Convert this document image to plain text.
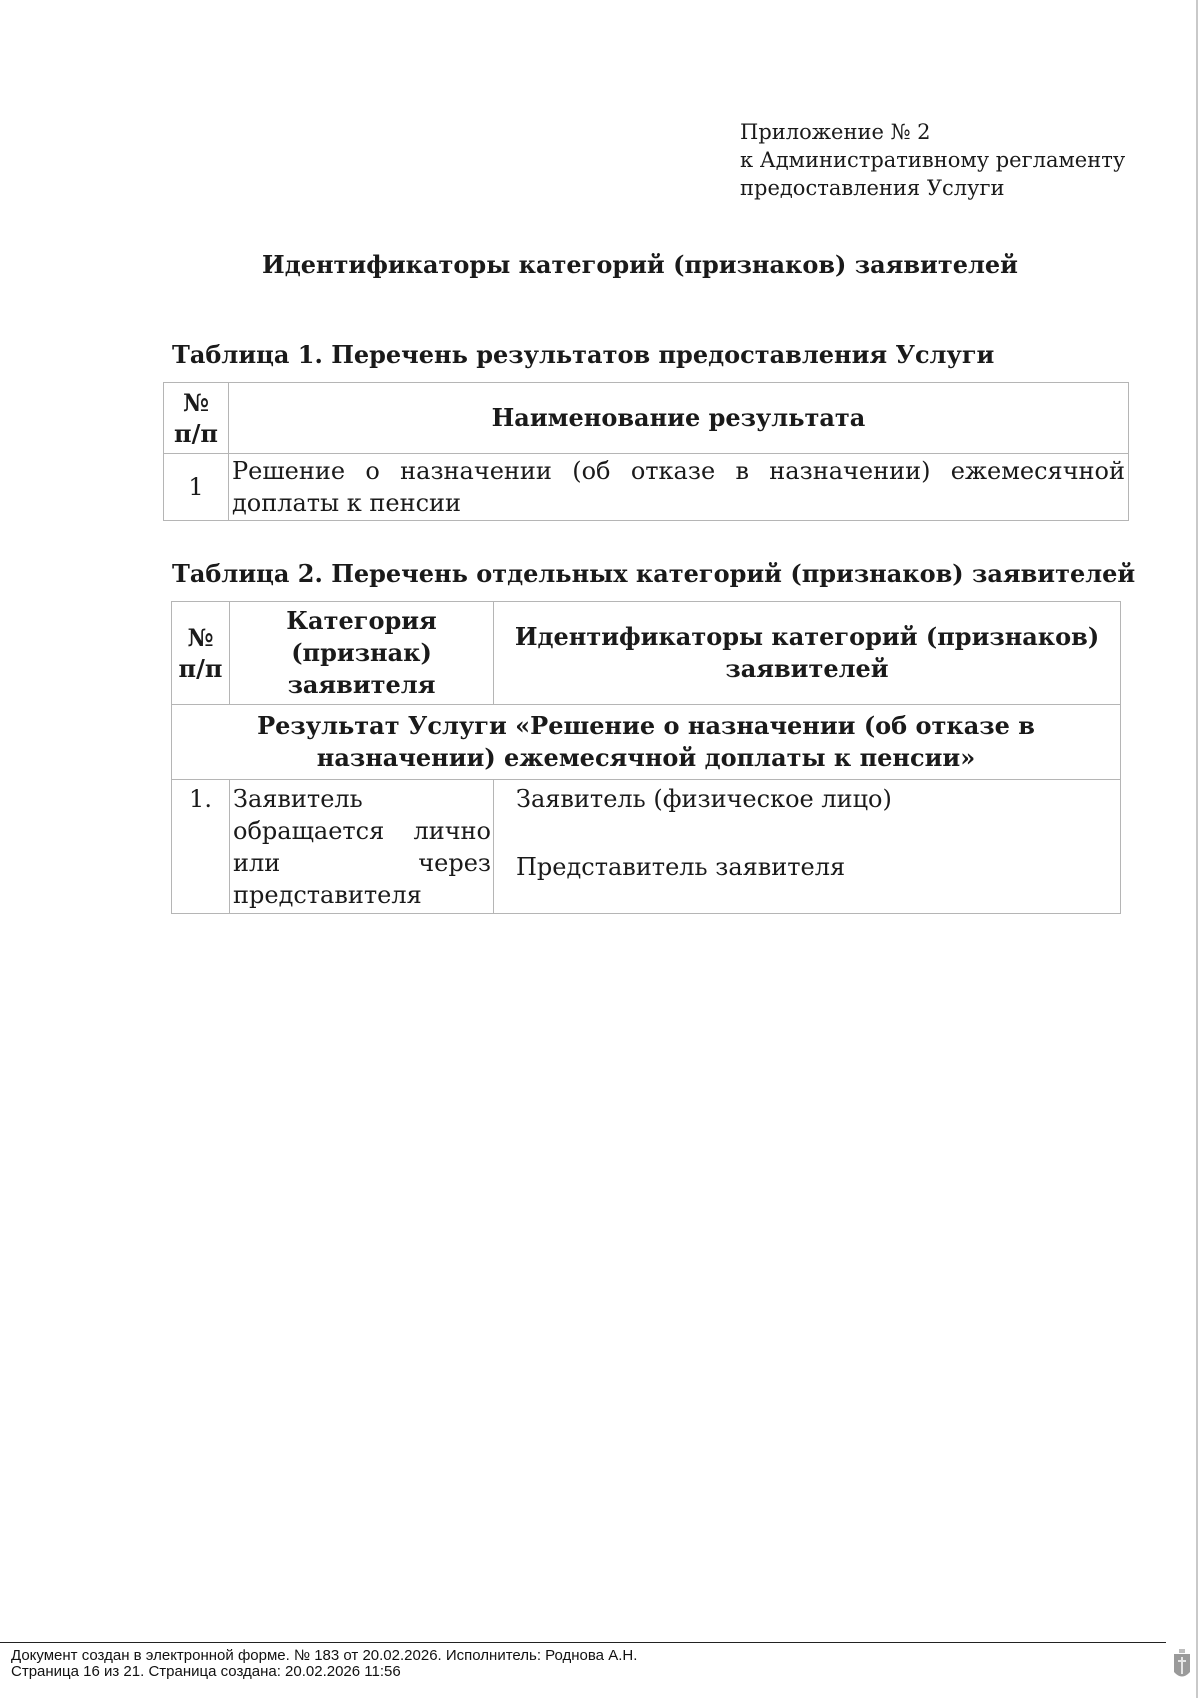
Приложение № 2
к Административному регламенту
предоставления Услуги
Идентификаторы категорий (признаков) заявителей
Таблица 1. Перечень результатов предоставления Услуги
№
п/п	Наименование результата
1	Решение о назначении (об отказе в назначении) ежемесячной доплаты к пенсии
Таблица 2. Перечень отдельных категорий (признаков) заявителей
№
п/п	Категория (признак) заявителя	Идентификаторы категорий (признаков) заявителей
Результат Услуги «Решение о назначении (об отказе в назначении) ежемесячной доплаты к пенсии»		
1.	Заявитель обращается лично или через представителя	Заявитель (физическое лицо)
Представитель заявителя
Документ создан в электронной форме. № 183 от 20.02.2026. Исполнитель: Роднова А.Н.
Страница 16 из 21. Страница создана: 20.02.2026 11:56
